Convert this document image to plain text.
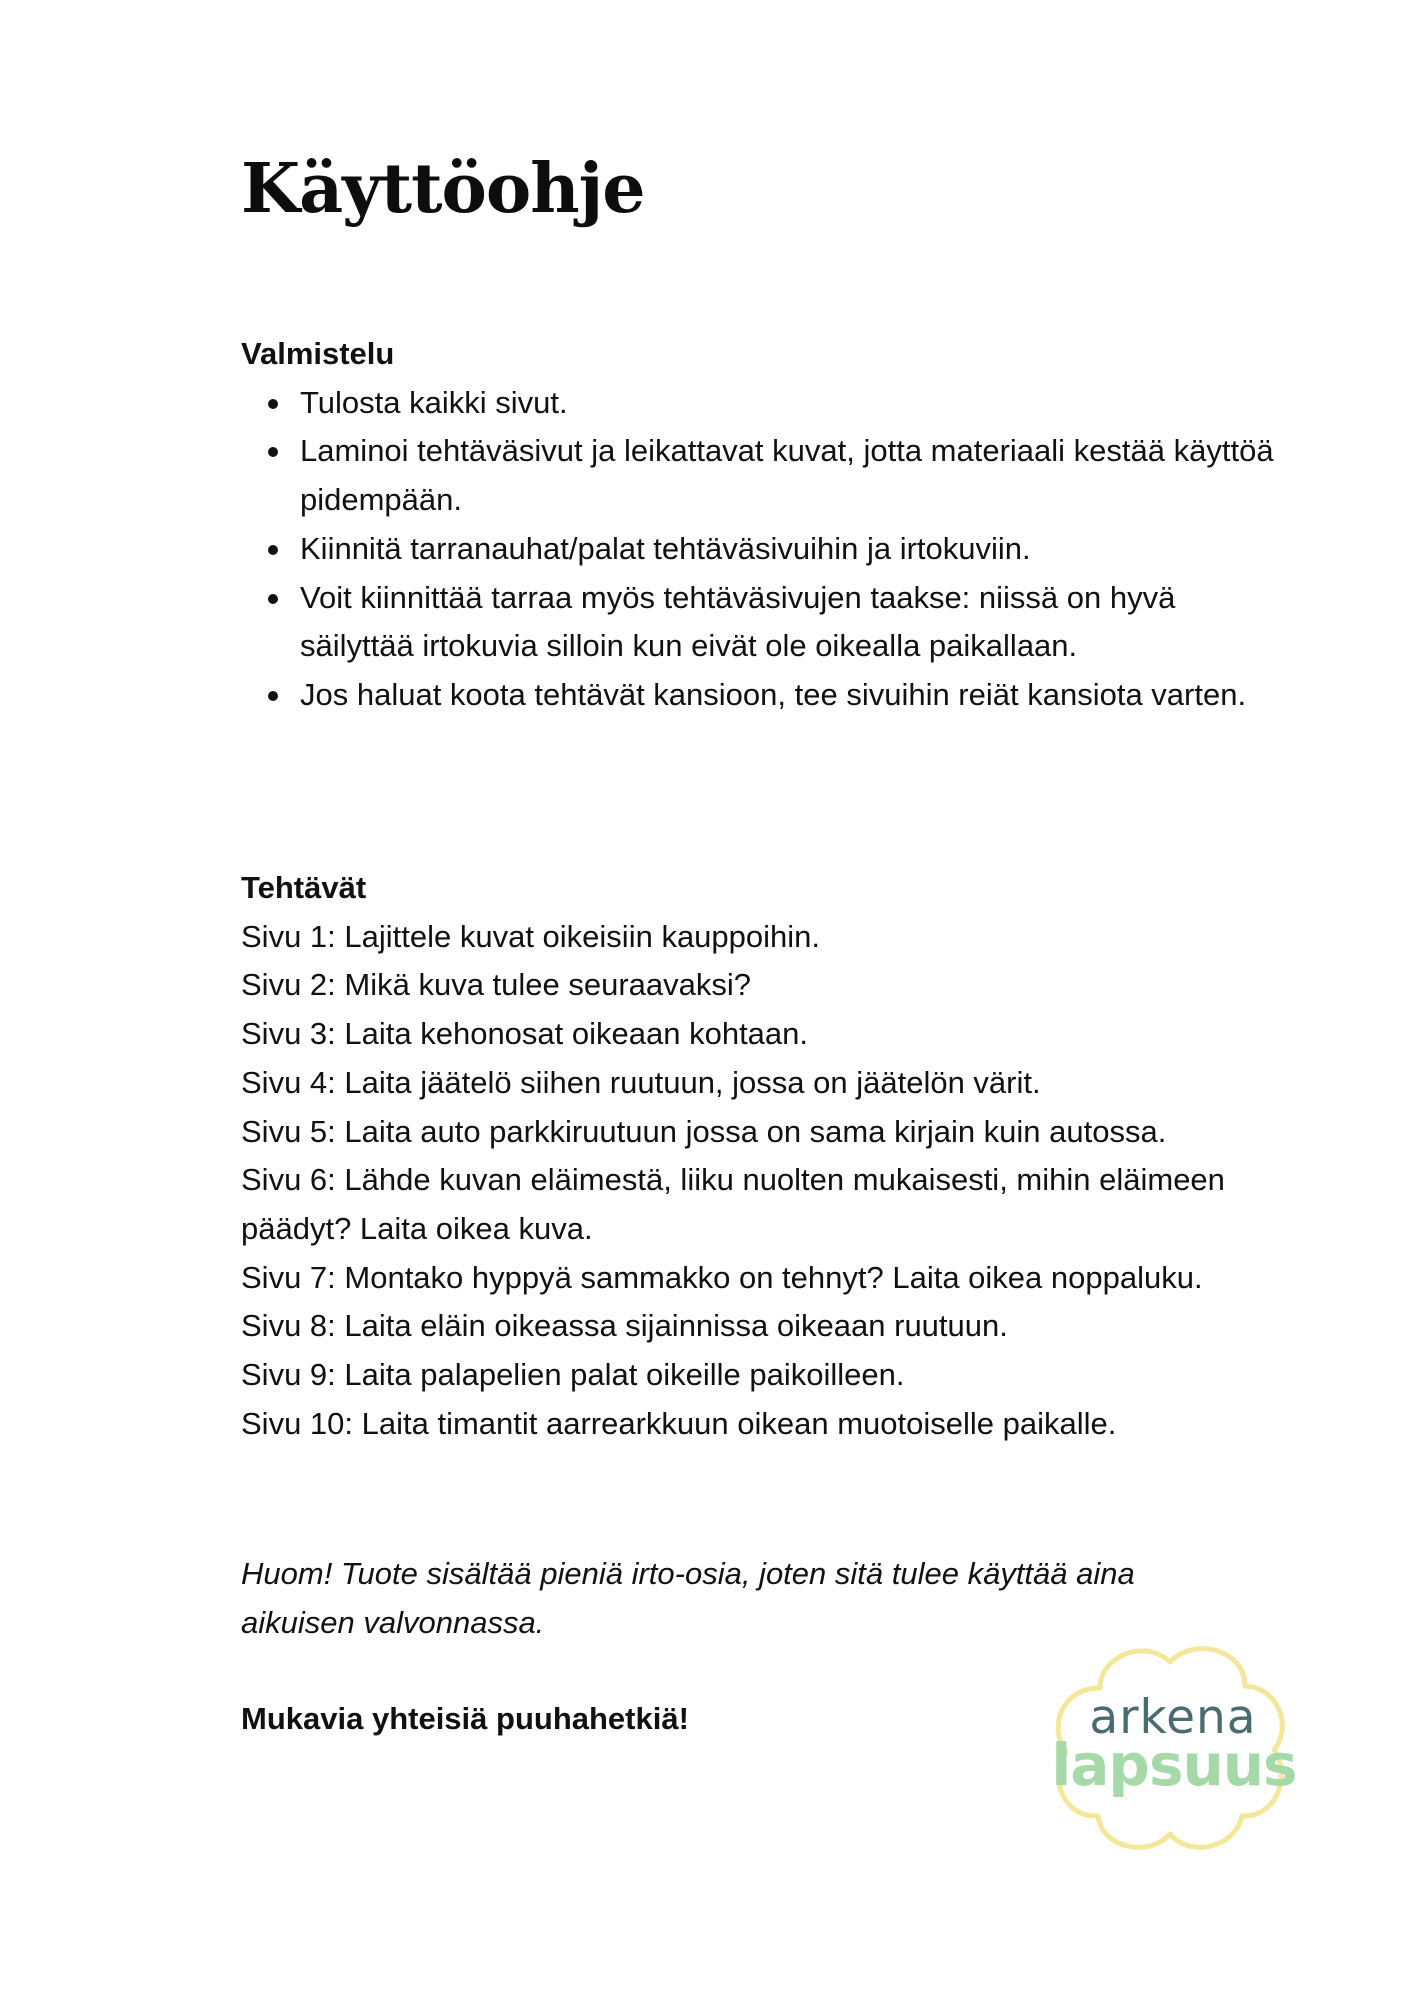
Käyttöohje
Valmistelu
Tulosta kaikki sivut.
Laminoi tehtäväsivut ja leikattavat kuvat, jotta materiaali kestää käyttöä pidempään.
Kiinnitä tarranauhat/palat tehtäväsivuihin ja irtokuviin.
Voit kiinnittää tarraa myös tehtäväsivujen taakse: niissä on hyvä säilyttää irtokuvia silloin kun eivät ole oikealla paikallaan.
Jos haluat koota tehtävät kansioon, tee sivuihin reiät kansiota varten.
Tehtävät
Sivu 1: Lajittele kuvat oikeisiin kauppoihin.
Sivu 2: Mikä kuva tulee seuraavaksi?
Sivu 3: Laita kehonosat oikeaan kohtaan.
Sivu 4: Laita jäätelö siihen ruutuun, jossa on jäätelön värit.
Sivu 5: Laita auto parkkiruutuun jossa on sama kirjain kuin autossa.
Sivu 6: Lähde kuvan eläimestä, liiku nuolten mukaisesti, mihin eläimeen päädyt? Laita oikea kuva.
Sivu 7: Montako hyppyä sammakko on tehnyt? Laita oikea noppaluku.
Sivu 8: Laita eläin oikeassa sijainnissa oikeaan ruutuun.
Sivu 9: Laita palapelien palat oikeille paikoilleen.
Sivu 10: Laita timantit aarrearkkuun oikean muotoiselle paikalle.

Huom! Tuote sisältää pieniä irto-osia, joten sitä tulee käyttää aina aikuisen valvonnassa.

Mukavia yhteisiä puuhahetkiä!	arkena
lapsuus
